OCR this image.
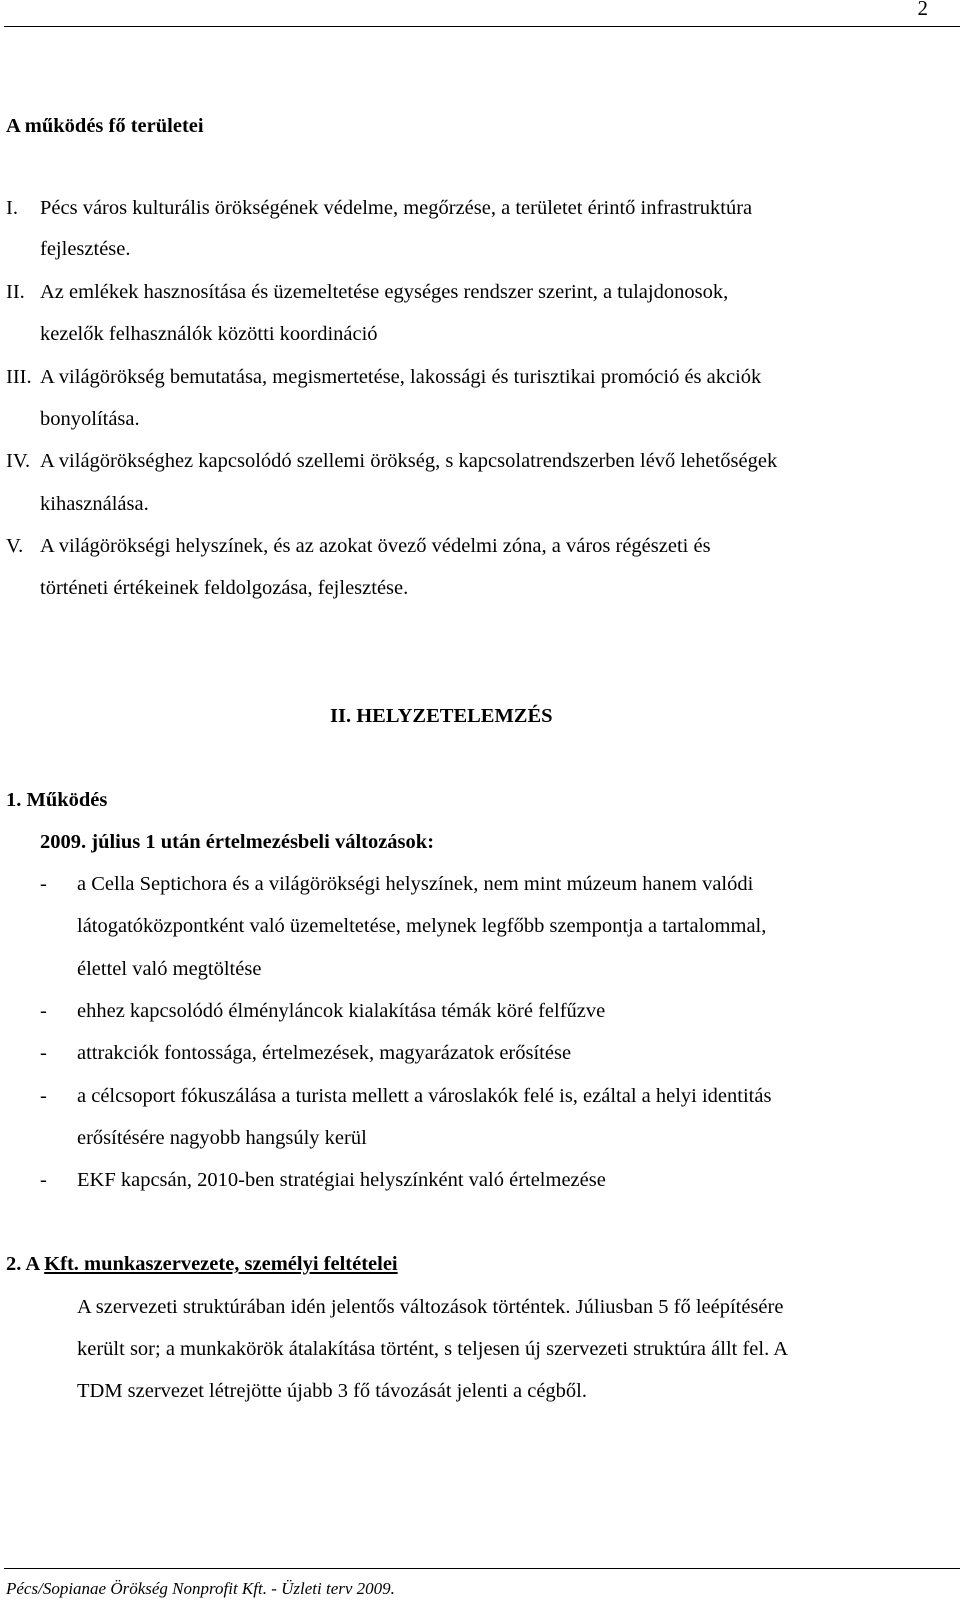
2
A működés fő területei
I. Pécs város kulturális örökségének védelme, megőrzése, a területet érintő infrastruktúra
fejlesztése.
II. Az emlékek hasznosítása és üzemeltetése egységes rendszer szerint, a tulajdonosok,
kezelők felhasználók közötti koordináció
III. A világörökség bemutatása, megismertetése, lakossági és turisztikai promóció és akciók
bonyolítása.
IV. A világörökséghez kapcsolódó szellemi örökség, s kapcsolatrendszerben lévő lehetőségek
kihasználása.
V. A világörökségi helyszínek, és az azokat övező védelmi zóna, a város régészeti és
történeti értékeinek feldolgozása, fejlesztése.
II. HELYZETELEMZÉS
1. Működés
2009. július 1 után értelmezésbeli változások:
- a Cella Septichora és a világörökségi helyszínek, nem mint múzeum hanem valódi
látogatóközpontként való üzemeltetése, melynek legfőbb szempontja a tartalommal,
élettel való megtöltése
- ehhez kapcsolódó élményláncok kialakítása témák köré felfűzve
- attrakciók fontossága, értelmezések, magyarázatok erősítése
- a célcsoport fókuszálása a turista mellett a városlakók felé is, ezáltal a helyi identitás
erősítésére nagyobb hangsúly kerül
- EKF kapcsán, 2010-ben stratégiai helyszínként való értelmezése
2. A Kft. munkaszervezete, személyi feltételei
A szervezeti struktúrában idén jelentős változások történtek. Júliusban 5 fő leépítésére
került sor; a munkakörök átalakítása történt, s teljesen új szervezeti struktúra állt fel. A
TDM szervezet létrejötte újabb 3 fő távozását jelenti a cégből.
Pécs/Sopianae Örökség Nonprofit Kft. - Üzleti terv 2009.
